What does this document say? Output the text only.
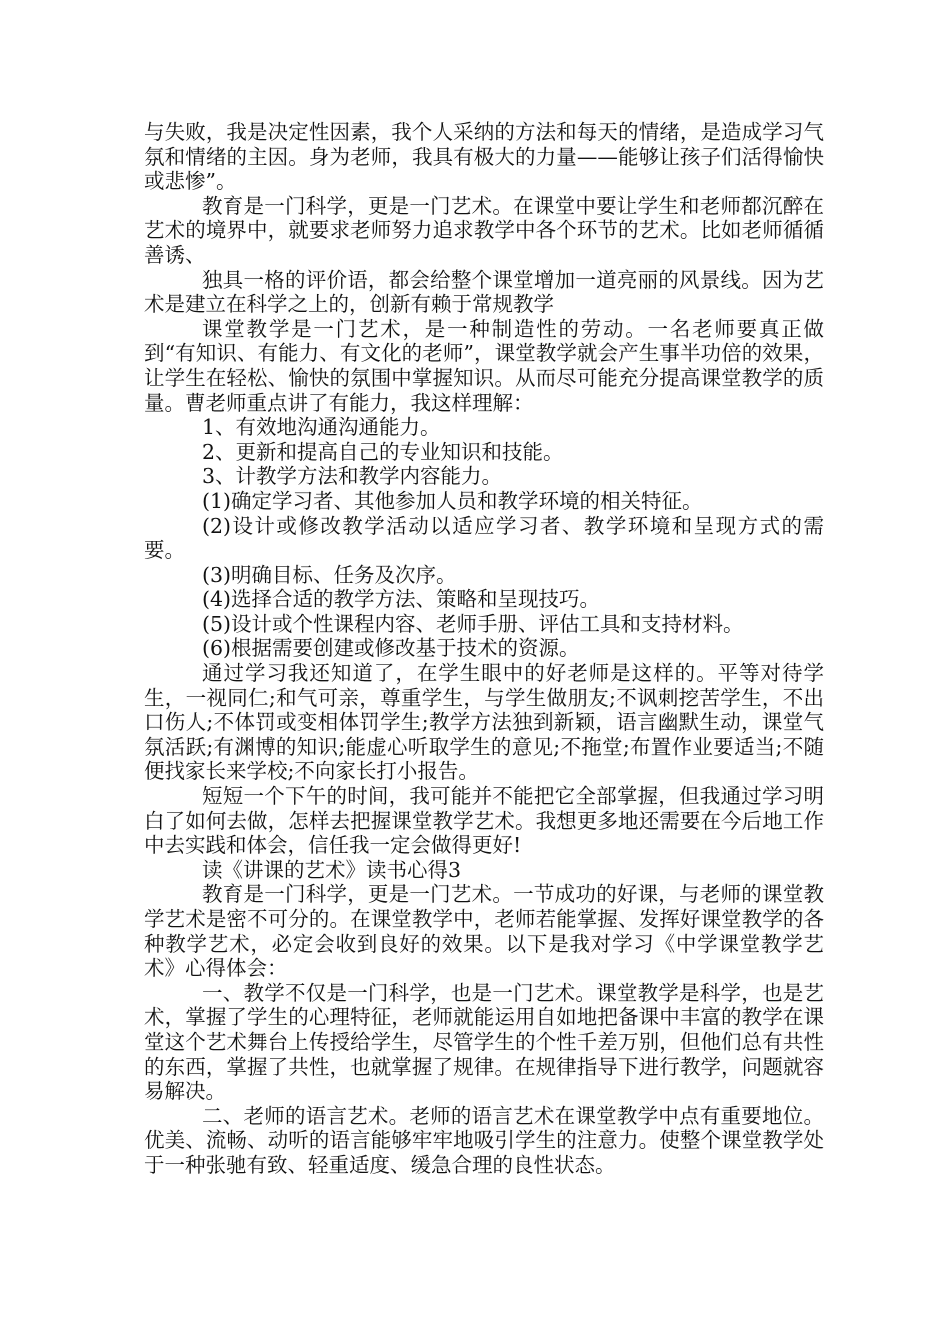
与失败，我是决定性因素，我个人采纳的方法和每天的情绪，是造成学习气氛和情绪的主因。身为老师，我具有极大的力量——能够让孩子们活得愉快或悲惨”。

教育是一门科学，更是一门艺术。在课堂中要让学生和老师都沉醉在艺术的境界中，就要求老师努力追求教学中各个环节的艺术。比如老师循循善诱、

独具一格的评价语，都会给整个课堂增加一道亮丽的风景线。因为艺术是建立在科学之上的，创新有赖于常规教学

课堂教学是一门艺术，是一种制造性的劳动。一名老师要真正做到“有知识、有能力、有文化的老师”，课堂教学就会产生事半功倍的效果，让学生在轻松、愉快的氛围中掌握知识。从而尽可能充分提高课堂教学的质量。曹老师重点讲了有能力，我这样理解：

1、有效地沟通沟通能力。

2、更新和提高自己的专业知识和技能。

3、计教学方法和教学内容能力。

(1)确定学习者、其他参加人员和教学环境的相关特征。

(2)设计或修改教学活动以适应学习者、教学环境和呈现方式的需要。

(3)明确目标、任务及次序。

(4)选择合适的教学方法、策略和呈现技巧。

(5)设计或个性课程内容、老师手册、评估工具和支持材料。

(6)根据需要创建或修改基于技术的资源。

通过学习我还知道了，在学生眼中的好老师是这样的。平等对待学生，一视同仁;和气可亲，尊重学生，与学生做朋友;不讽刺挖苦学生，不出口伤人;不体罚或变相体罚学生;教学方法独到新颖，语言幽默生动，课堂气氛活跃;有渊博的知识;能虚心听取学生的意见;不拖堂;布置作业要适当;不随便找家长来学校;不向家长打小报告。

短短一个下午的时间，我可能并不能把它全部掌握，但我通过学习明白了如何去做，怎样去把握课堂教学艺术。我想更多地还需要在今后地工作中去实践和体会，信任我一定会做得更好!

读《讲课的艺术》读书心得3

教育是一门科学，更是一门艺术。一节成功的好课，与老师的课堂教学艺术是密不可分的。在课堂教学中，老师若能掌握、发挥好课堂教学的各种教学艺术，必定会收到良好的效果。以下是我对学习《中学课堂教学艺术》心得体会：

一、教学不仅是一门科学，也是一门艺术。课堂教学是科学，也是艺术，掌握了学生的心理特征，老师就能运用自如地把备课中丰富的教学在课堂这个艺术舞台上传授给学生，尽管学生的个性千差万别，但他们总有共性的东西，掌握了共性，也就掌握了规律。在规律指导下进行教学，问题就容易解决。

二、老师的语言艺术。老师的语言艺术在课堂教学中点有重要地位。优美、流畅、动听的语言能够牢牢地吸引学生的注意力。使整个课堂教学处于一种张驰有致、轻重适度、缓急合理的良性状态。
